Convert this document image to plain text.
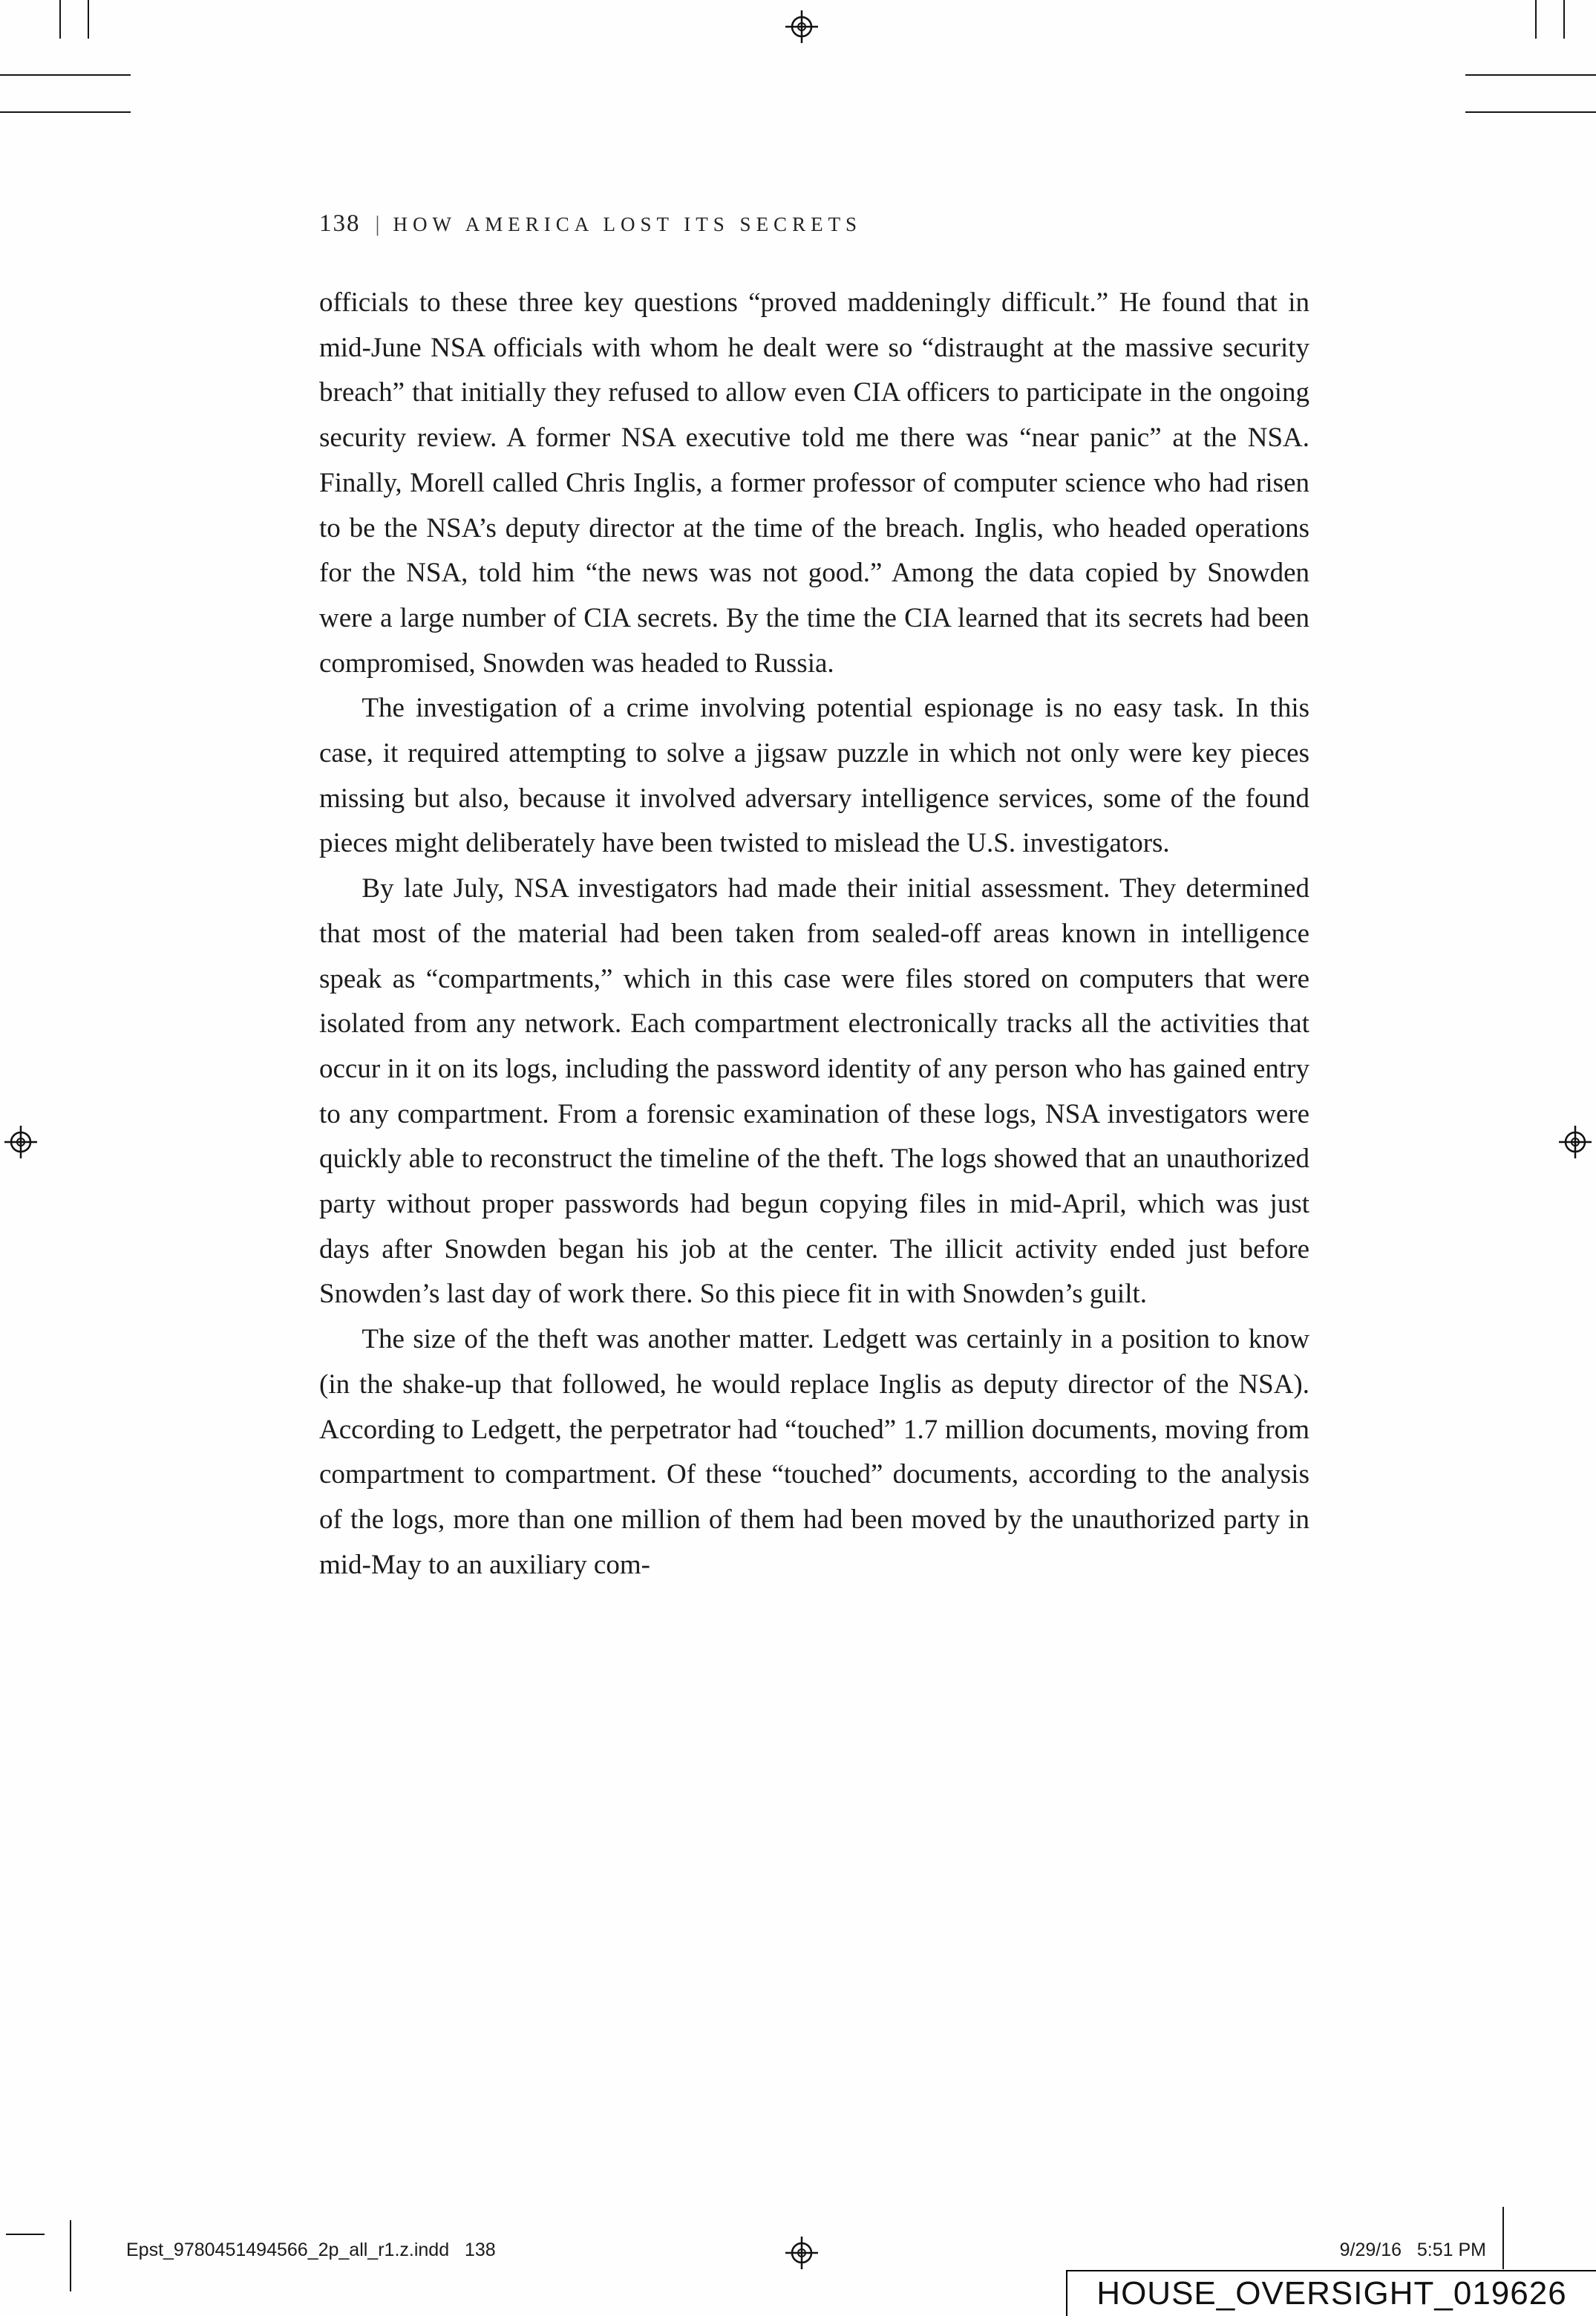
138 | HOW AMERICA LOST ITS SECRETS

officials to these three key questions “proved maddeningly difficult.” He found that in mid-June NSA officials with whom he dealt were so “distraught at the massive security breach” that initially they refused to allow even CIA officers to participate in the ongoing security review. A former NSA executive told me there was “near panic” at the NSA. Finally, Morell called Chris Inglis, a former professor of computer science who had risen to be the NSA’s deputy director at the time of the breach. Inglis, who headed operations for the NSA, told him “the news was not good.” Among the data copied by Snowden were a large number of CIA secrets. By the time the CIA learned that its secrets had been compromised, Snowden was headed to Russia.

The investigation of a crime involving potential espionage is no easy task. In this case, it required attempting to solve a jigsaw puzzle in which not only were key pieces missing but also, because it involved adversary intelligence services, some of the found pieces might deliberately have been twisted to mislead the U.S. investigators.

By late July, NSA investigators had made their initial assessment. They determined that most of the material had been taken from sealed-off areas known in intelligence speak as “compartments,” which in this case were files stored on computers that were isolated from any network. Each compartment electronically tracks all the activities that occur in it on its logs, including the password identity of any person who has gained entry to any compartment. From a forensic examination of these logs, NSA investigators were quickly able to reconstruct the timeline of the theft. The logs showed that an unauthorized party without proper passwords had begun copying files in mid-April, which was just days after Snowden began his job at the center. The illicit activity ended just before Snowden’s last day of work there. So this piece fit in with Snowden’s guilt.

The size of the theft was another matter. Ledgett was certainly in a position to know (in the shake-up that followed, he would replace Inglis as deputy director of the NSA). According to Ledgett, the perpetrator had “touched” 1.7 million documents, moving from compartment to compartment. Of these “touched” documents, according to the analysis of the logs, more than one million of them had been moved by the unauthorized party in mid-May to an auxiliary com-

Epst_9780451494566_2p_all_r1.z.indd   138	9/29/16   5:51 PM
HOUSE_OVERSIGHT_019626
